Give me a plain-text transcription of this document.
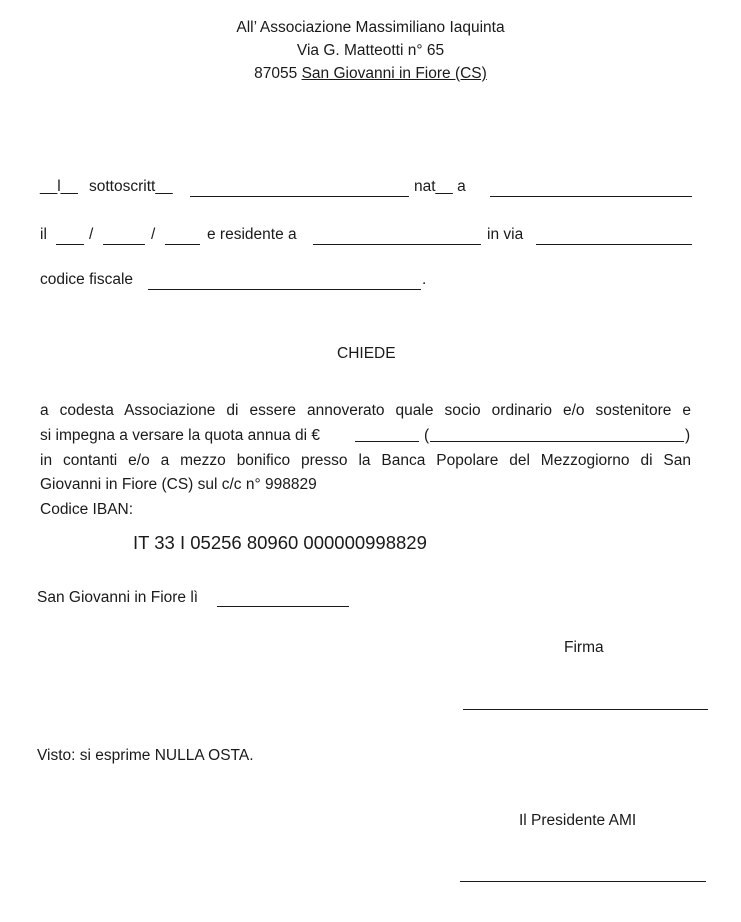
All’ Associazione Massimiliano Iaquinta
Via G. Matteotti n° 65
87055 San Giovanni in Fiore (CS)
__l__ sottoscritt__	nat__ a
il	/	/	e residente a	in via
codice fiscale	.
CHIEDE
a codesta Associazione di essere annoverato quale socio ordinario e/o sostenitore e
si impegna a versare la quota annua di €	(	)
in contanti e/o a mezzo bonifico presso la Banca Popolare del Mezzogiorno di San
Giovanni in Fiore (CS) sul c/c n° 998829
Codice IBAN:
IT 33 I 05256 80960 000000998829
San Giovanni in Fiore lì
Firma
Visto: si esprime NULLA OSTA.
Il Presidente AMI
